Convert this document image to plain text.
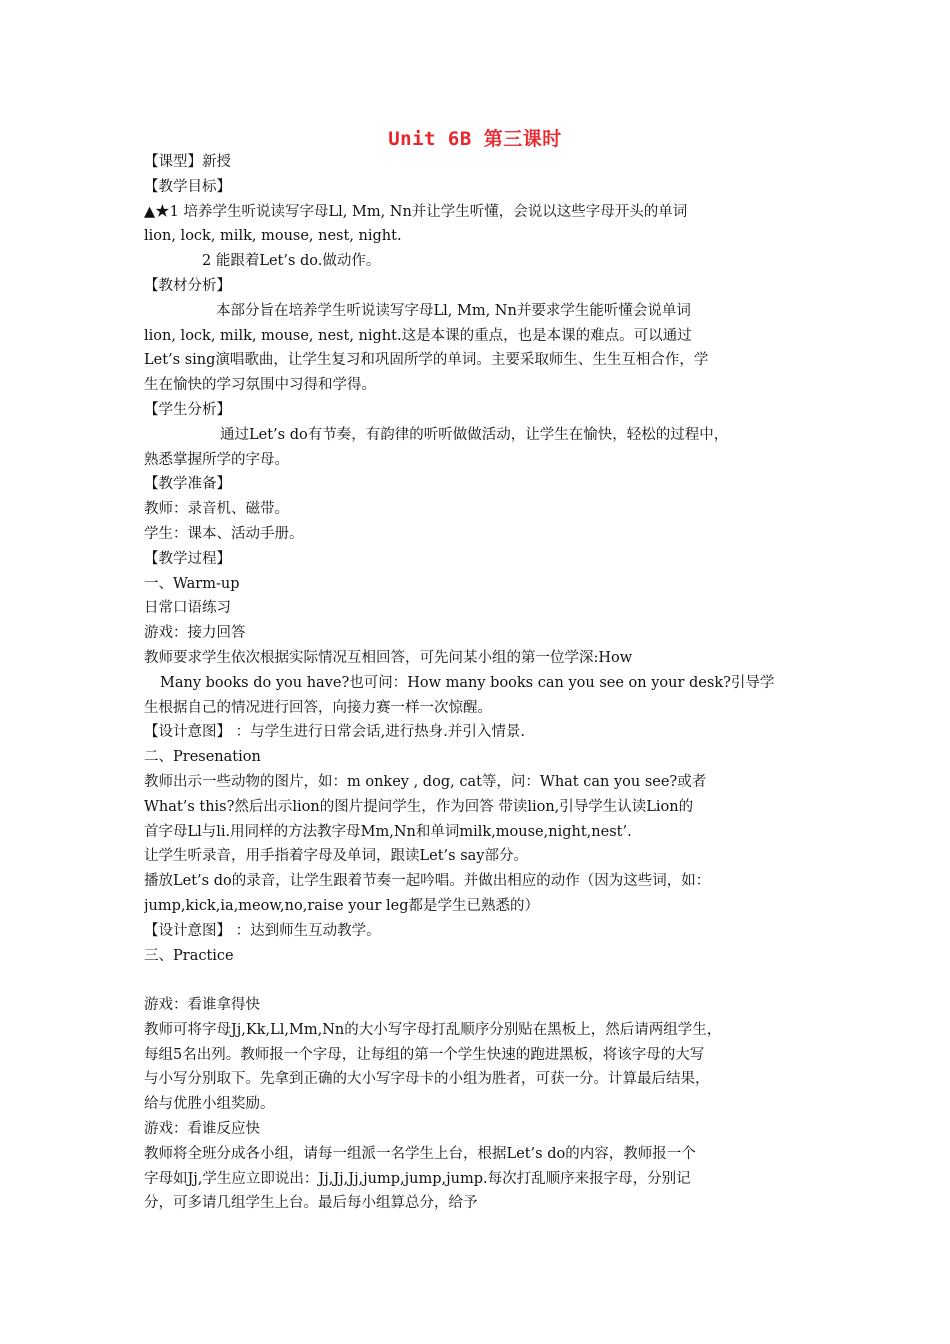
Unit 6B 第三课时
【课型】新授
【教学目标】
▲★1 培养学生听说读写字母Ll, Mm, Nn并让学生听懂，会说以这些字母开头的单词
lion, lock, milk, mouse, nest, night.
2 能跟着Let’s do.做动作。
【教材分析】
本部分旨在培养学生听说读写字母Ll, Mm, Nn并要求学生能听懂会说单词
lion, lock, milk, mouse, nest, night.这是本课的重点，也是本课的难点。可以通过
Let’s sing演唱歌曲，让学生复习和巩固所学的单词。主要采取师生、生生互相合作，学
生在愉快的学习氛围中习得和学得。
【学生分析】
通过Let’s do有节奏，有韵律的听听做做活动，让学生在愉快，轻松的过程中，
熟悉掌握所学的字母。
【教学准备】
教师：录音机、磁带。
学生：课本、活动手册。
【教学过程】
一、Warm-up
日常口语练习
游戏：接力回答
教师要求学生依次根据实际情况互相回答，可先问某小组的第一位学深:How
Many books do you have?也可问：How many books can you see on your desk?引导学
生根据自己的情况进行回答，向接力赛一样一次惊醒。
【设计意图】 ：与学生进行日常会话,进行热身.并引入情景.
二、Presenation
教师出示一些动物的图片，如：m onkey , dog, cat等，问：What can you see?或者
What’s this?然后出示lion的图片提问学生，作为回答 带读lion,引导学生认读Lion的
首字母Ll与li.用同样的方法教字母Mm,Nn和单词milk,mouse,night,nest’.
让学生听录音，用手指着字母及单词，跟读Let’s say部分。
播放Let’s do的录音，让学生跟着节奏一起吟唱。并做出相应的动作（因为这些词，如：
jump,kick,ia,meow,no,raise your leg都是学生已熟悉的）
【设计意图】 ：达到师生互动教学。
三、Practice
游戏：看谁拿得快
教师可将字母Jj,Kk,Ll,Mm,Nn的大小写字母打乱顺序分别贴在黑板上，然后请两组学生，
每组5名出列。教师报一个字母，让每组的第一个学生快速的跑进黑板，将该字母的大写
与小写分别取下。先拿到正确的大小写字母卡的小组为胜者，可获一分。计算最后结果，
给与优胜小组奖励。
游戏：看谁反应快
教师将全班分成各小组，请每一组派一名学生上台，根据Let’s do的内容，教师报一个
字母如Jj,学生应立即说出：Jj,Jj,Jj,jump,jump,jump.每次打乱顺序来报字母，分别记
分，可多请几组学生上台。最后每小组算总分，给予
